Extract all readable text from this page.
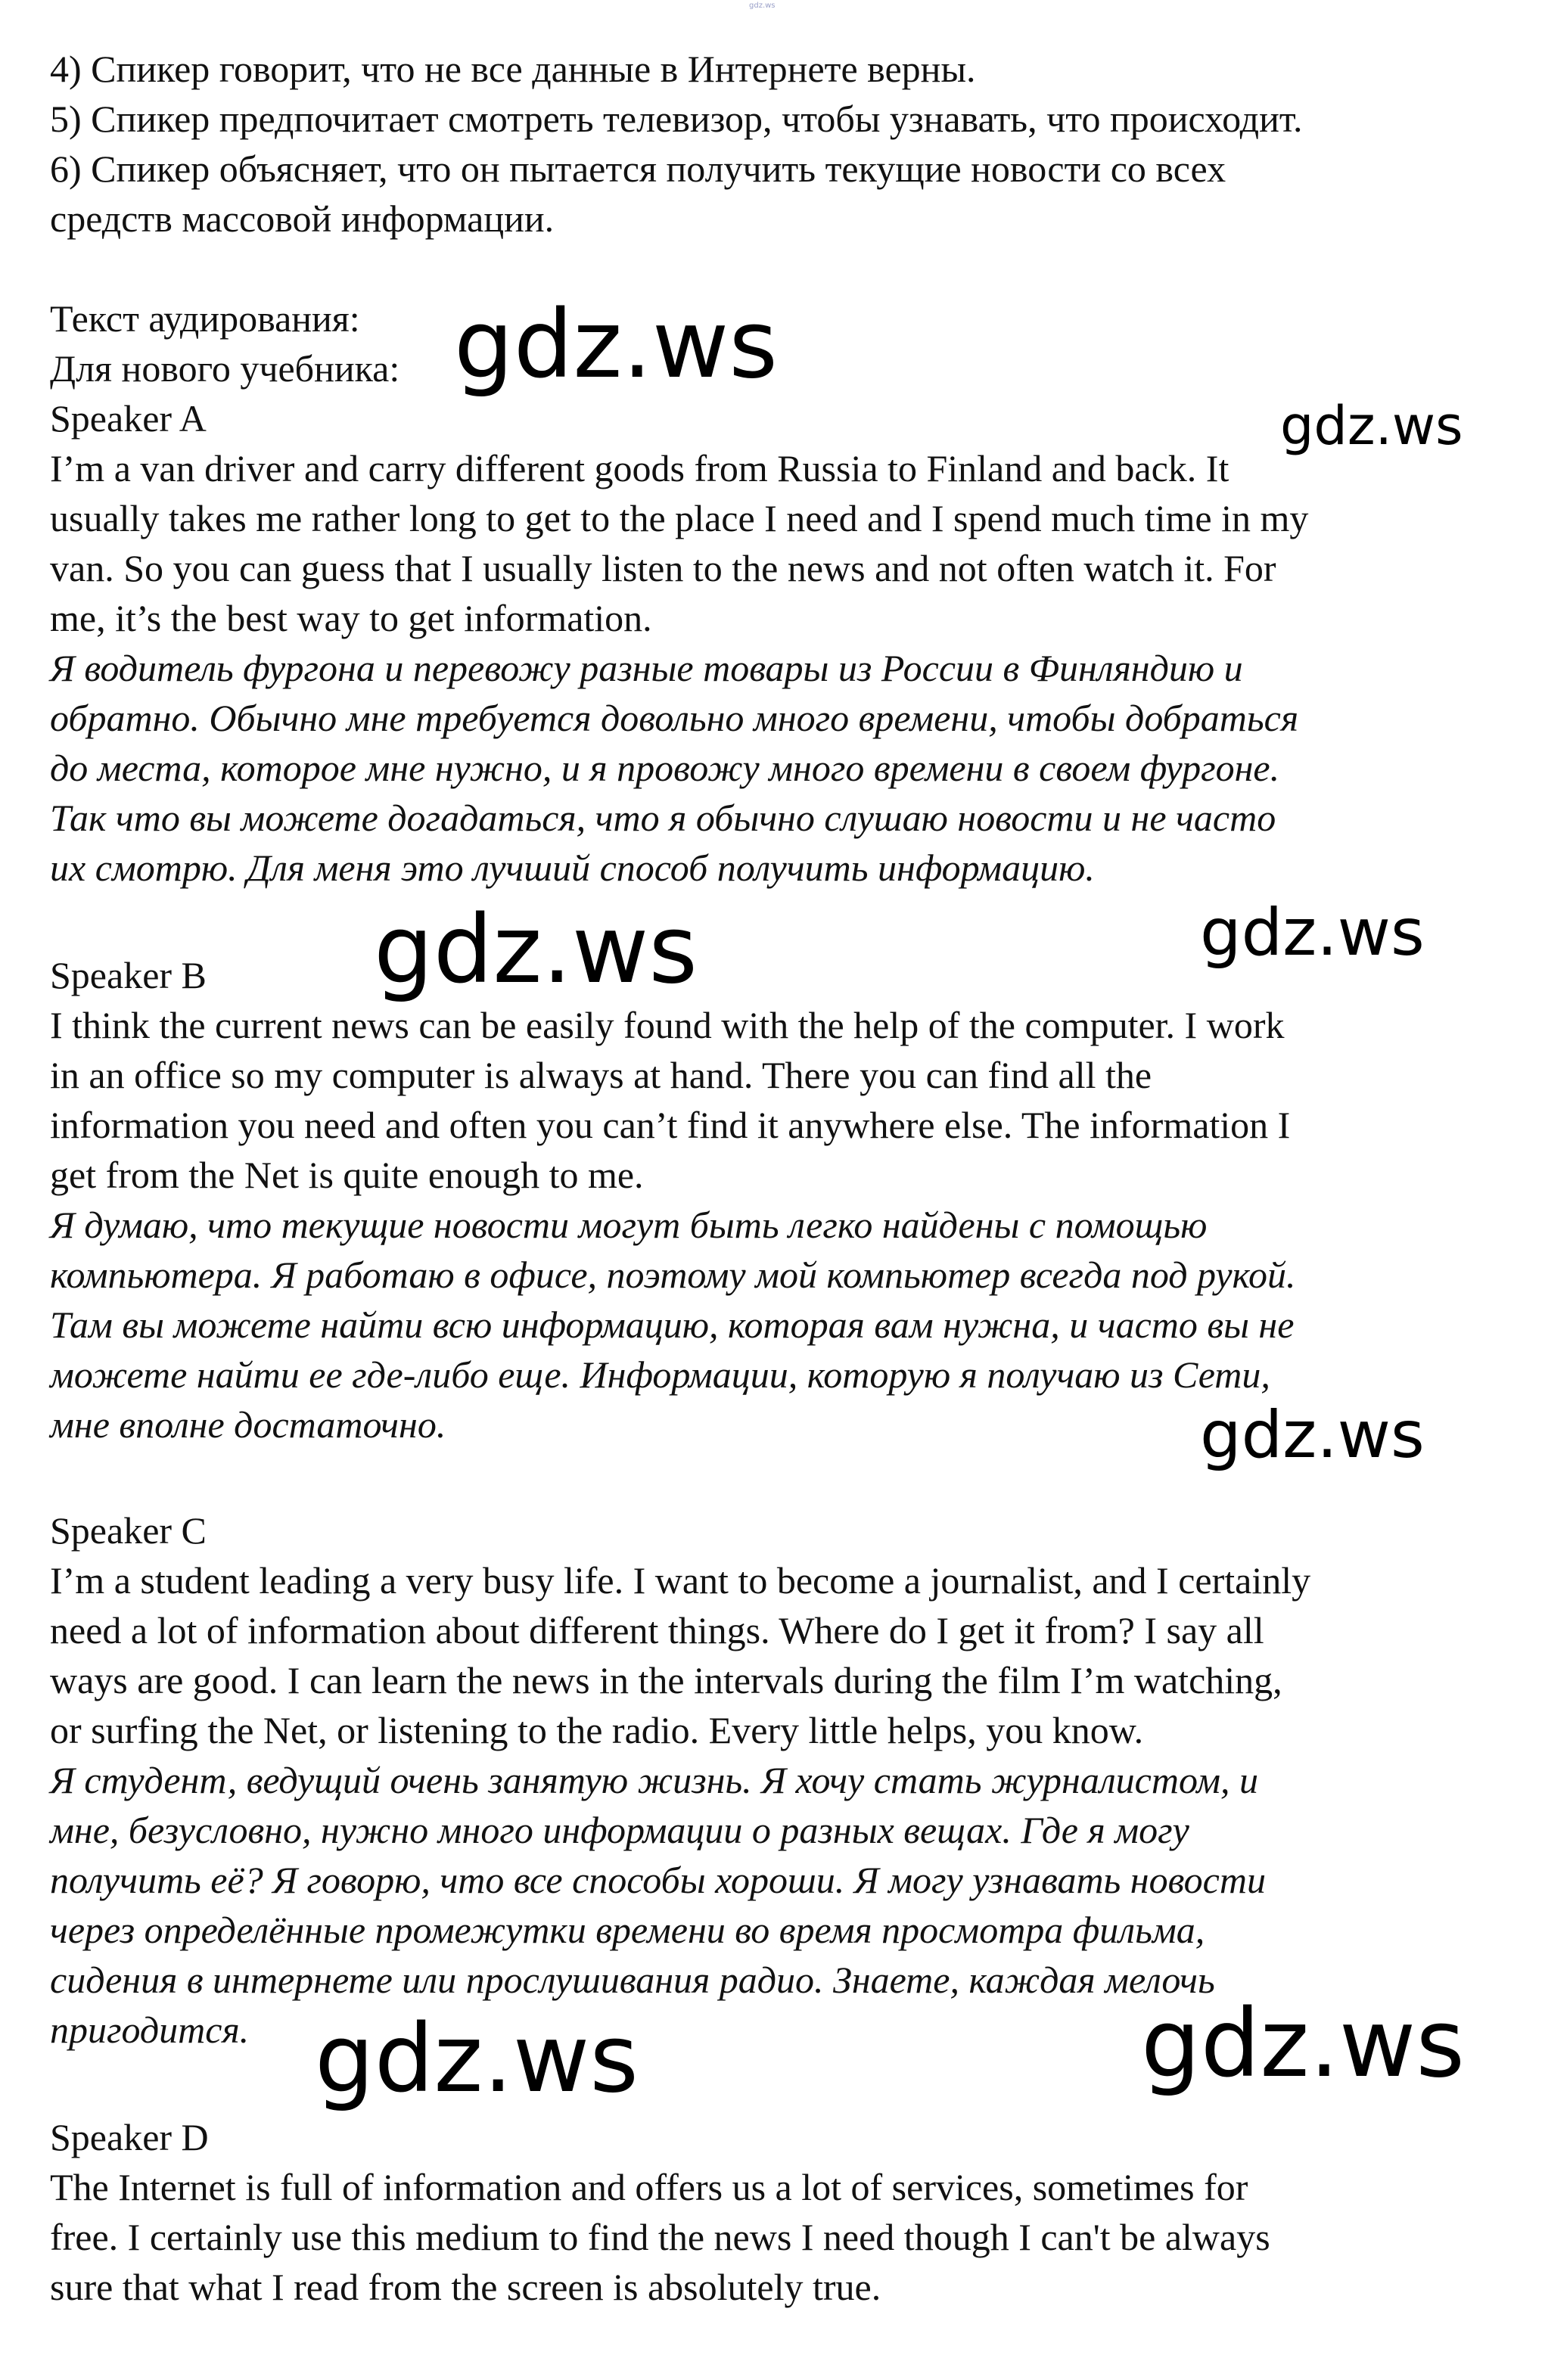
gdz.ws
4) Спикер говорит, что не все данные в Интернете верны.
5) Спикер предпочитает смотреть телевизор, чтобы узнавать, что происходит.
6) Спикер объясняет, что он пытается получить текущие новости со всех
средств массовой информации.
Текст аудирования:
Для нового учебника:
Speaker A
I’m a van driver and carry different goods from Russia to Finland and back. It
usually takes me rather long to get to the place I need and I spend much time in my
van. So you can guess that I usually listen to the news and not often watch it. For
me, it’s the best way to get information.
Я водитель фургона и перевожу разные товары из России в Финляндию и
обратно. Обычно мне требуется довольно много времени, чтобы добраться
до места, которое мне нужно, и я провожу много времени в своем фургоне.
Так что вы можете догадаться, что я обычно слушаю новости и не часто
их смотрю. Для меня это лучший способ получить информацию.
Speaker B
I think the current news can be easily found with the help of the computer. I work
in an office so my computer is always at hand. There you can find all the
information you need and often you can’t find it anywhere else. The information I
get from the Net is quite enough to me.
Я думаю, что текущие новости могут быть легко найдены с помощью
компьютера. Я работаю в офисе, поэтому мой компьютер всегда под рукой.
Там вы можете найти всю информацию, которая вам нужна, и часто вы не
можете найти ее где-либо еще. Информации, которую я получаю из Сети,
мне вполне достаточно.
Speaker C
I’m a student leading a very busy life. I want to become a journalist, and I certainly
need a lot of information about different things. Where do I get it from? I say all
ways are good. I can learn the news in the intervals during the film I’m watching,
or surfing the Net, or listening to the radio. Every little helps, you know.
Я студент, ведущий очень занятую жизнь. Я хочу стать журналистом, и
мне, безусловно, нужно много информации о разных вещах. Где я могу
получить её? Я говорю, что все способы хороши. Я могу узнавать новости
через определённые промежутки времени во время просмотра фильма,
сидения в интернете или прослушивания радио. Знаете, каждая мелочь
пригодится.
Speaker D
The Internet is full of information and offers us a lot of services, sometimes for
free. I certainly use this medium to find the news I need though I can't be always
sure that what I read from the screen is absolutely true.
gdz.ws
gdz.ws
gdz.ws	gdz.ws
gdz.ws
gdz.ws	gdz.ws
